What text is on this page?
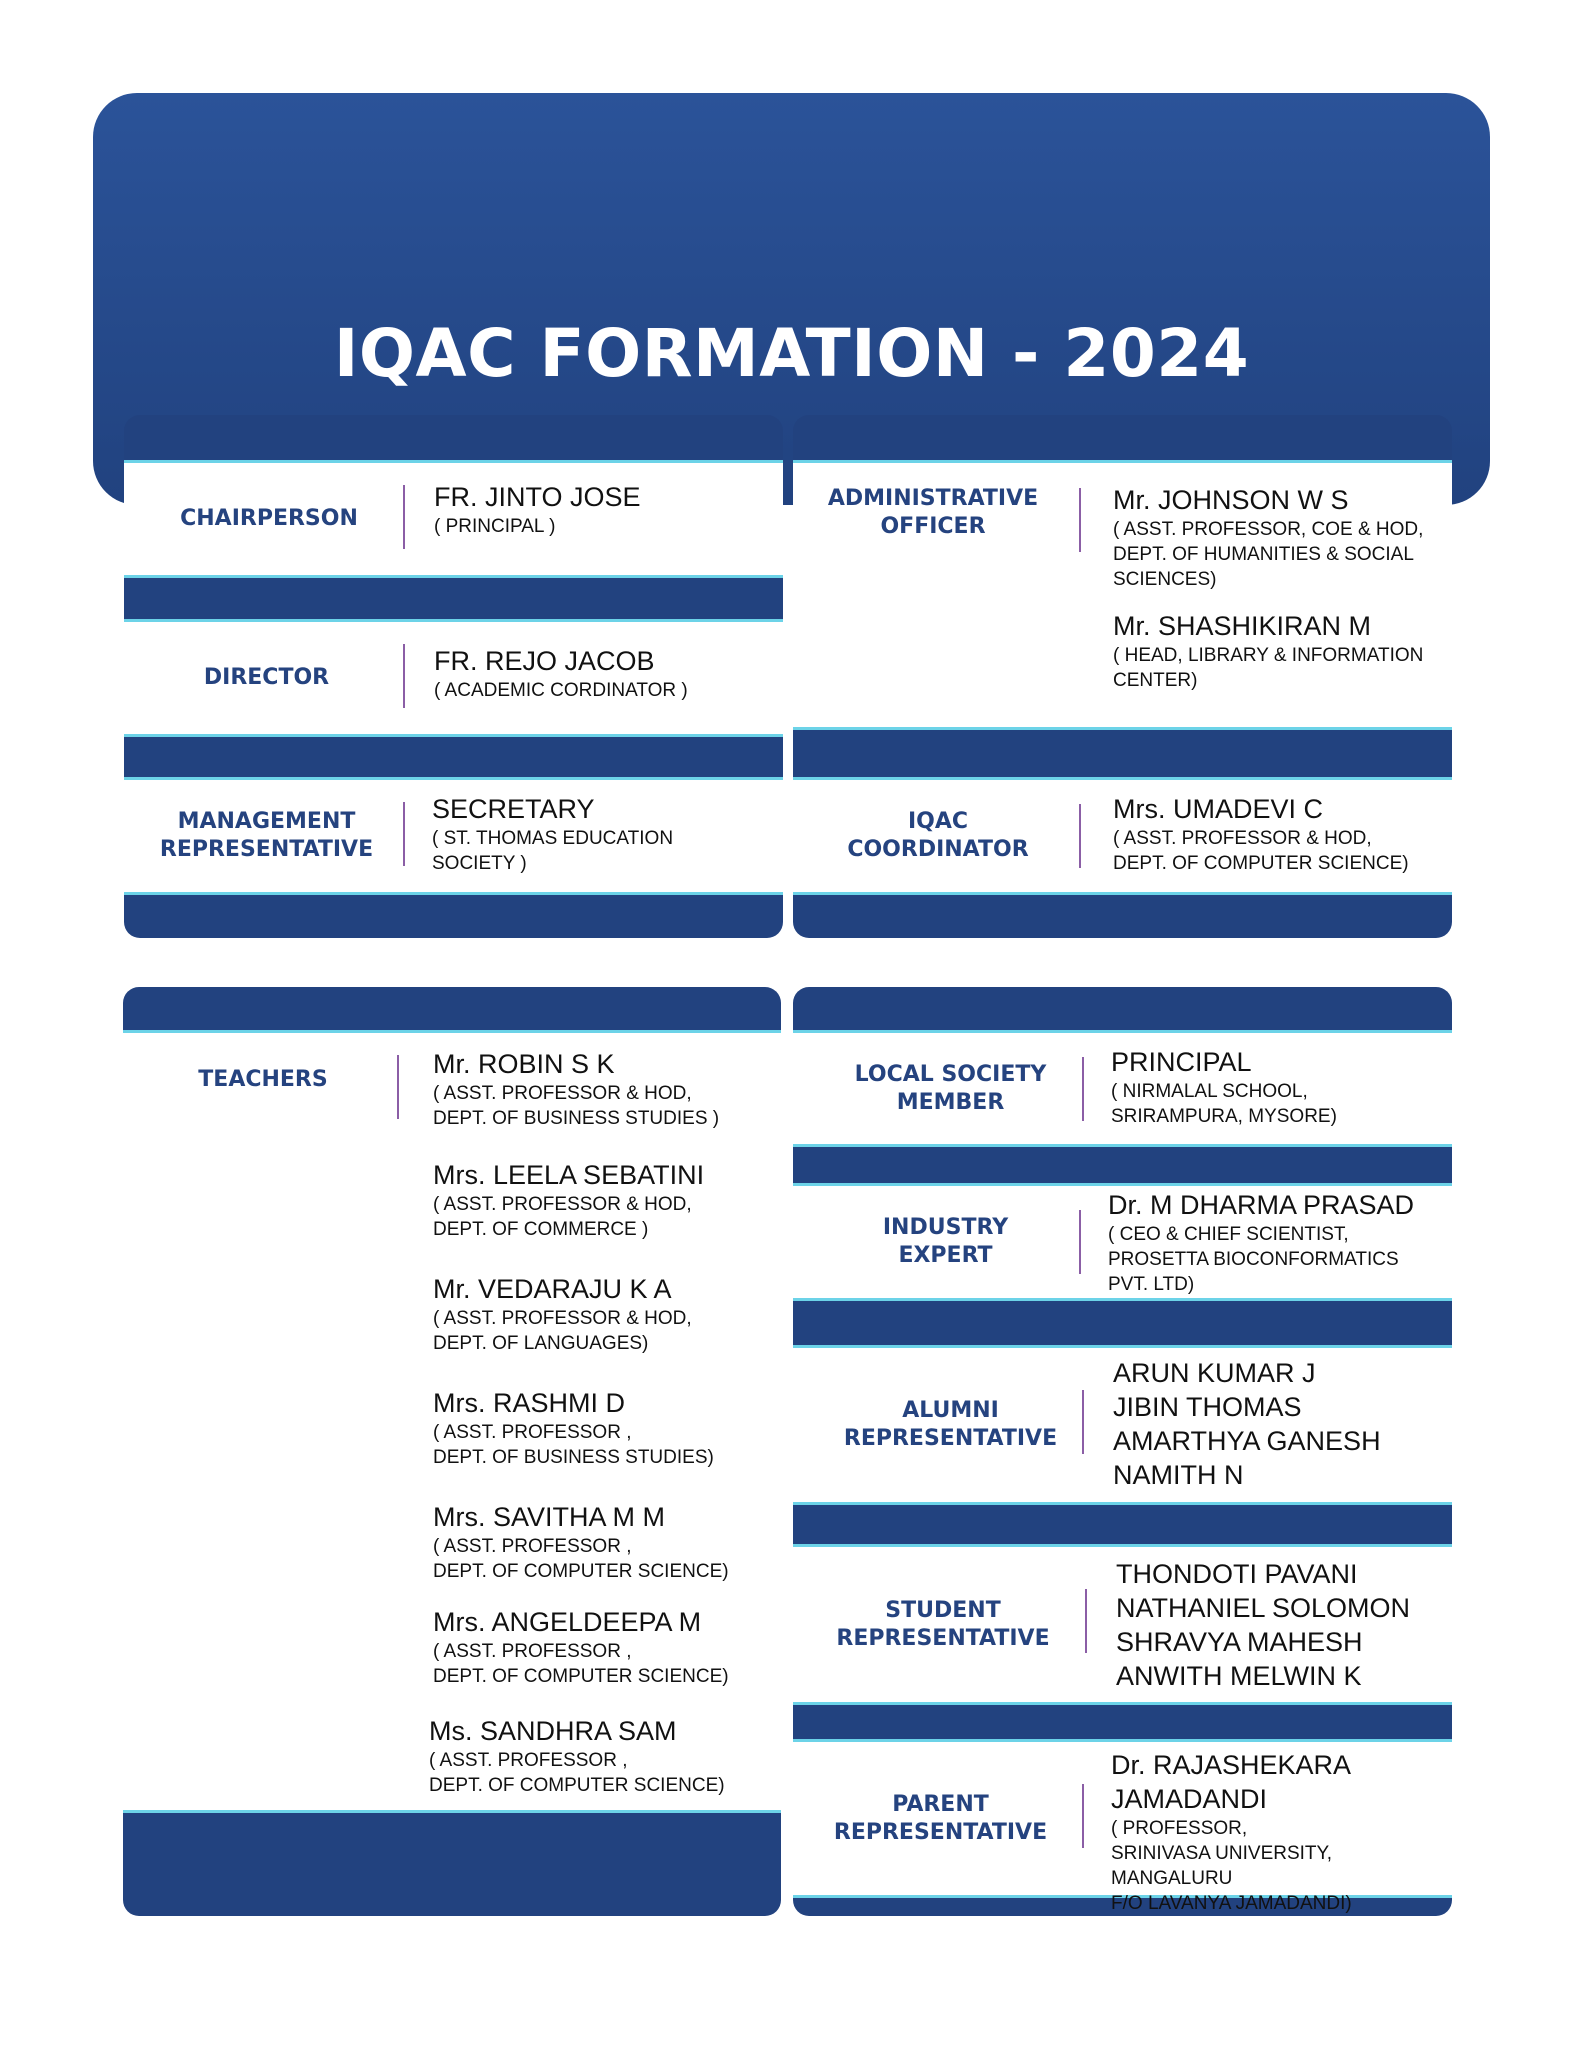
IQAC FORMATION - 2024
CHAIRPERSON
FR. JINTO JOSE
( PRINCIPAL )
DIRECTOR
FR. REJO JACOB
( ACADEMIC CORDINATOR )
MANAGEMENT
REPRESENTATIVE
SECRETARY
( ST. THOMAS EDUCATION
SOCIETY )
ADMINISTRATIVE
OFFICER
Mr. JOHNSON W S
( ASST. PROFESSOR, COE & HOD,
DEPT. OF HUMANITIES & SOCIAL
SCIENCES)
Mr. SHASHIKIRAN M
( HEAD, LIBRARY & INFORMATION
CENTER)
IQAC
COORDINATOR
Mrs. UMADEVI C
( ASST. PROFESSOR & HOD,
DEPT. OF COMPUTER SCIENCE)
TEACHERS
Mr. ROBIN S K
( ASST. PROFESSOR & HOD,
DEPT. OF BUSINESS STUDIES )
Mrs. LEELA SEBATINI
( ASST. PROFESSOR & HOD,
DEPT. OF COMMERCE )
Mr. VEDARAJU K A
( ASST. PROFESSOR & HOD,
DEPT. OF LANGUAGES)
Mrs. RASHMI D
( ASST. PROFESSOR ,
DEPT. OF BUSINESS STUDIES)
Mrs. SAVITHA M M
( ASST. PROFESSOR ,
DEPT. OF COMPUTER SCIENCE)
Mrs. ANGELDEEPA M
( ASST. PROFESSOR ,
DEPT. OF COMPUTER SCIENCE)
Ms. SANDHRA SAM
( ASST. PROFESSOR ,
DEPT. OF COMPUTER SCIENCE)
LOCAL SOCIETY
MEMBER
PRINCIPAL
( NIRMALAL SCHOOL,
SRIRAMPURA, MYSORE)
INDUSTRY
EXPERT
Dr. M DHARMA PRASAD
( CEO & CHIEF SCIENTIST,
PROSETTA BIOCONFORMATICS
PVT. LTD)
ALUMNI
REPRESENTATIVE
ARUN KUMAR J
JIBIN THOMAS
AMARTHYA GANESH
NAMITH N
STUDENT
REPRESENTATIVE
THONDOTI PAVANI
NATHANIEL SOLOMON
SHRAVYA MAHESH
ANWITH MELWIN K
PARENT
REPRESENTATIVE
Dr. RAJASHEKARA
JAMADANDI
( PROFESSOR,
SRINIVASA UNIVERSITY, MANGALURU
F/O LAVANYA JAMADANDI)
